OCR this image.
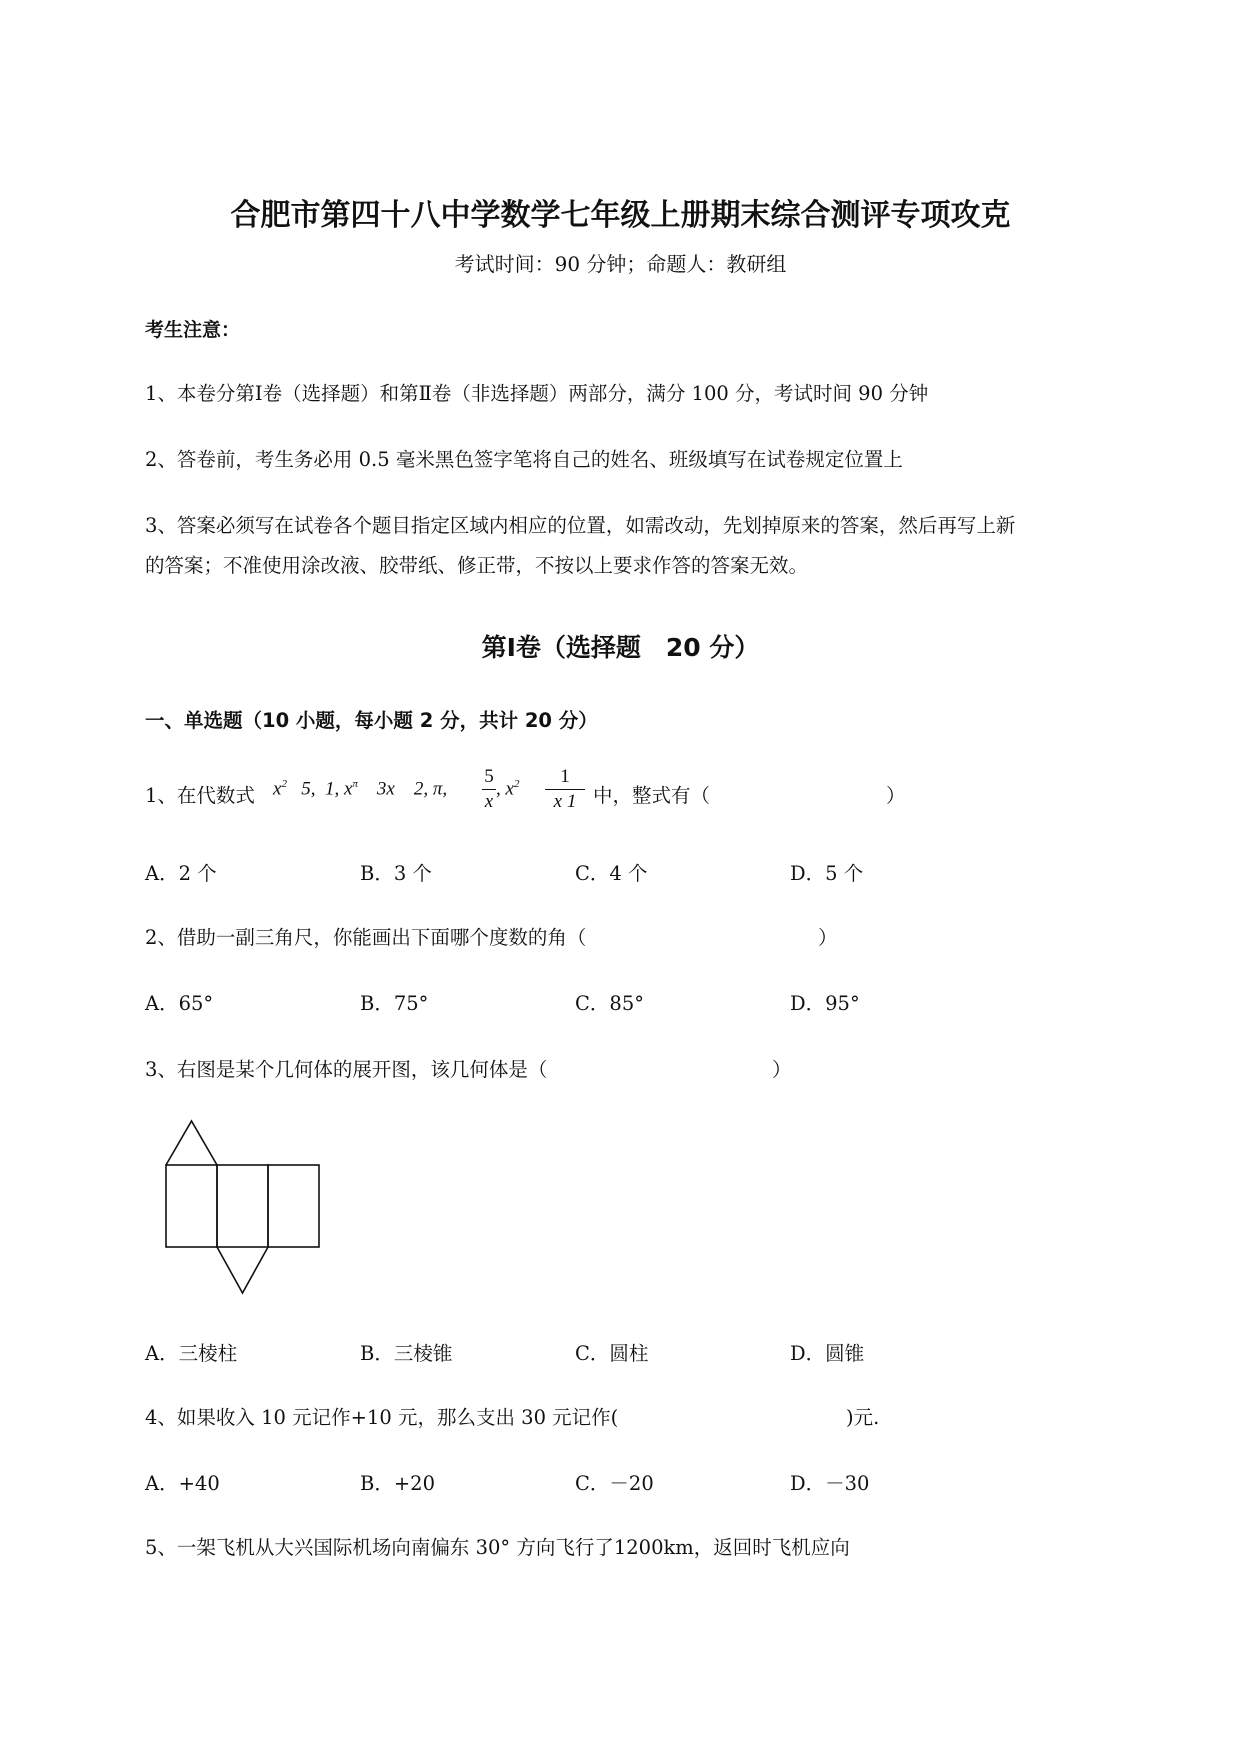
合肥市第四十八中学数学七年级上册期末综合测评专项攻克
考试时间：90 分钟；命题人：教研组
考生注意：
1、本卷分第Ⅰ卷（选择题）和第Ⅱ卷（非选择题）两部分，满分 100 分，考试时间 90 分钟
2、答卷前，考生务必用 0.5 毫米黑色签字笔将自己的姓名、班级填写在试卷规定位置上
3、答案必须写在试卷各个题目指定区域内相应的位置，如需改动，先划掉原来的答案，然后再写上新
的答案；不准使用涂改液、胶带纸、修正带，不按以上要求作答的答案无效。
第Ⅰ卷（选择题　20 分）
一、单选题（10 小题，每小题 2 分，共计 20 分）
1、在代数式 $x^2$ 5, 1, $x^\pi$ 3x 2, π,
5
x
, $x^2$	1
x 1 中，整式有（	）
A．2 个	B．3 个	C．4 个	D．5 个
2、借助一副三角尺，你能画出下面哪个度数的角（	）
A．65°	B．75°	C．85°	D．95°
3、右图是某个几何体的展开图，该几何体是（	）
A．三棱柱	B．三棱锥	C．圆柱	D．圆锥
4、如果收入 10 元记作+10 元，那么支出 30 元记作(	)元.
A．+40	B．+20	C．－20	D．－30
5、一架飞机从大兴国际机场向南偏东 30° 方向飞行了1200km，返回时飞机应向
